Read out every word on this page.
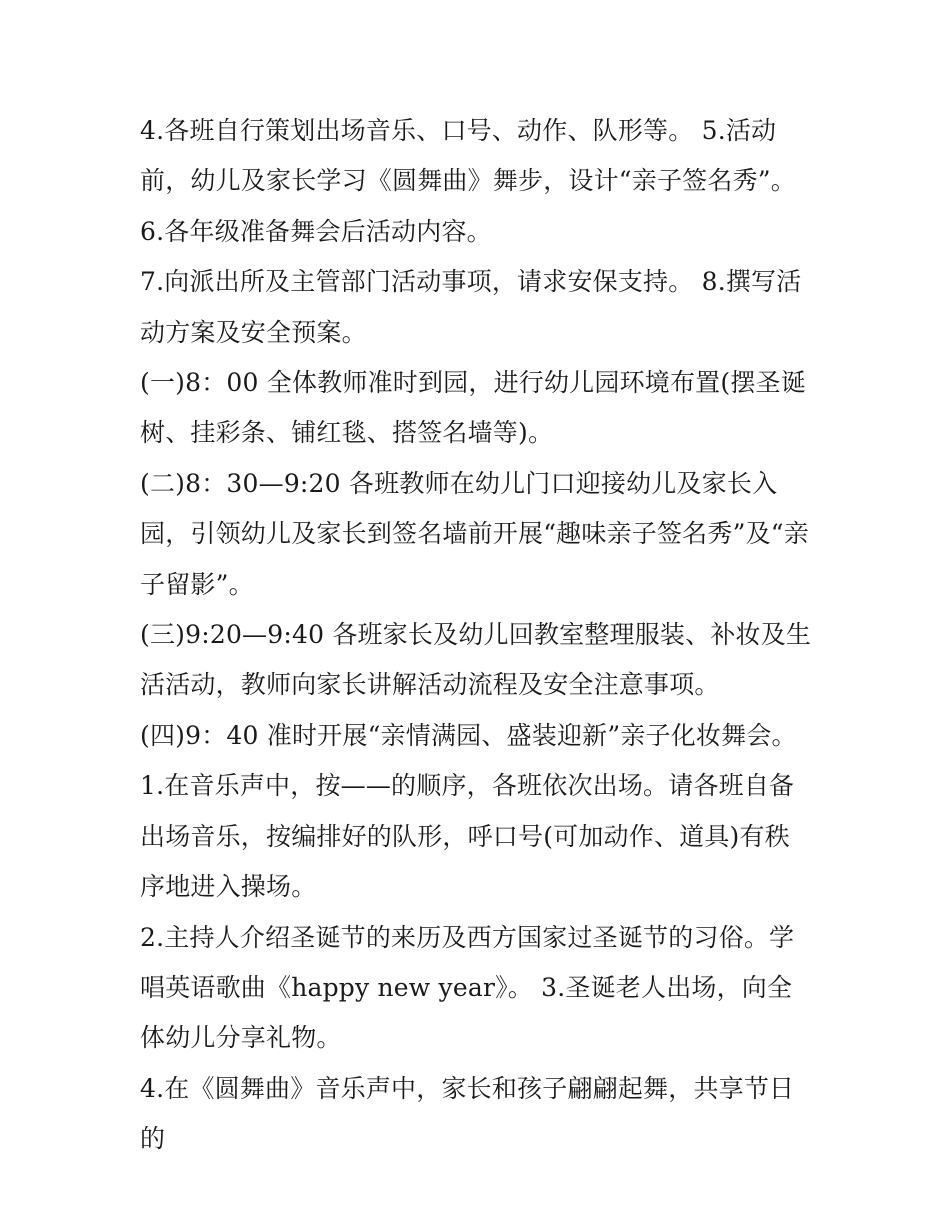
4.各班自行策划出场音乐、口号、动作、队形等。 5.活动前，幼儿及家长学习《圆舞曲》舞步，设计“亲子签名秀”。 6.各年级准备舞会后活动内容。

7.向派出所及主管部门活动事项，请求安保支持。 8.撰写活动方案及安全预案。

(一)8：00 全体教师准时到园，进行幼儿园环境布置(摆圣诞树、挂彩条、铺红毯、搭签名墙等)。

(二)8：30—9:20 各班教师在幼儿门口迎接幼儿及家长入园，引领幼儿及家长到签名墙前开展“趣味亲子签名秀”及“亲子留影”。

(三)9:20—9:40 各班家长及幼儿回教室整理服装、补妆及生活活动，教师向家长讲解活动流程及安全注意事项。

(四)9：40 准时开展“亲情满园、盛装迎新”亲子化妆舞会。

1.在音乐声中，按——的顺序，各班依次出场。请各班自备出场音乐，按编排好的队形，呼口号(可加动作、道具)有秩序地进入操场。

2.主持人介绍圣诞节的来历及西方国家过圣诞节的习俗。学唱英语歌曲《happy new year》。 3.圣诞老人出场，向全体幼儿分享礼物。

4.在《圆舞曲》音乐声中，家长和孩子翩翩起舞，共享节日的
